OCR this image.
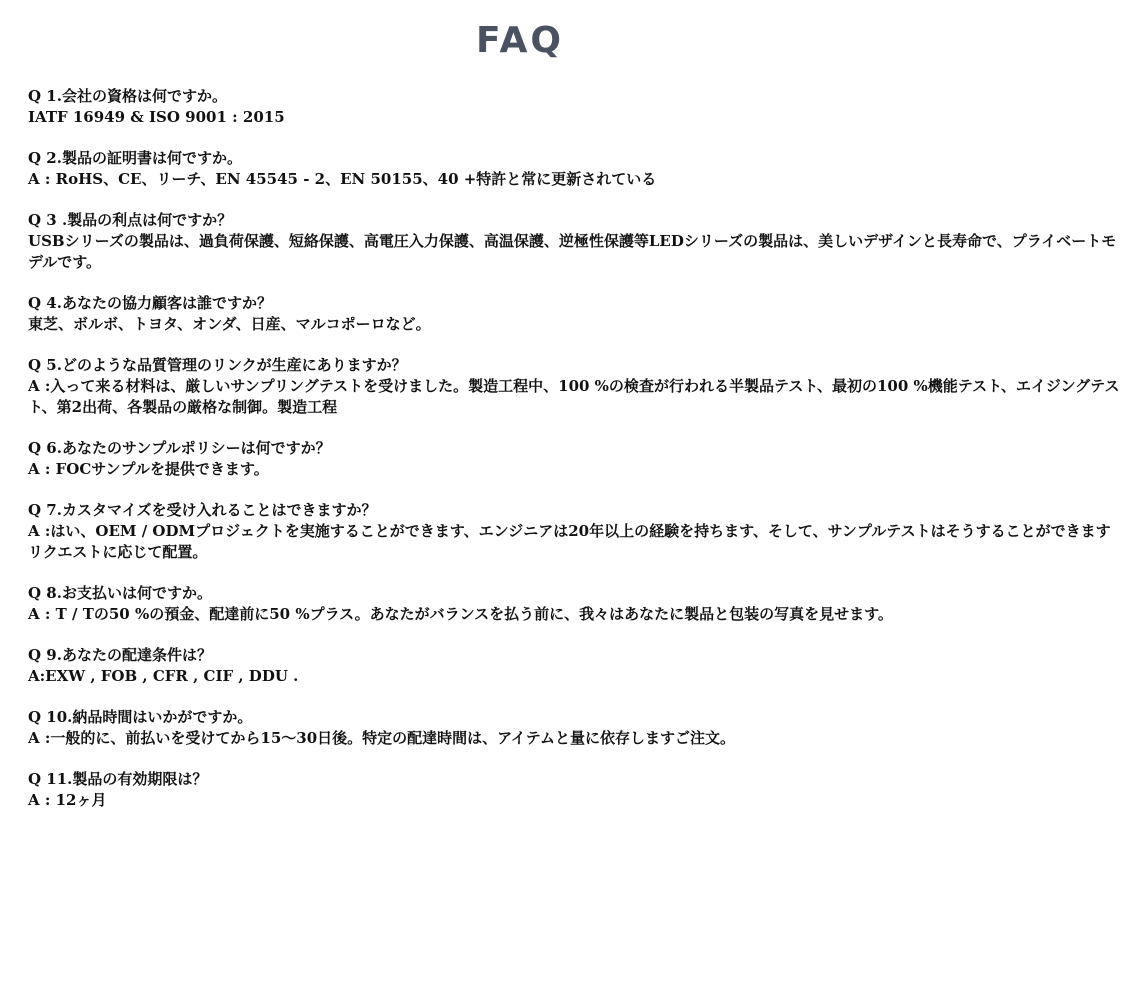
FAQ

Q 1.会社の資格は何ですか。

IATF 16949 & ISO 9001 : 2015

Q 2.製品の証明書は何ですか。

A : RoHS、CE、リーチ、EN 45545 - 2、EN 50155、40 +特許と常に更新されている

Q 3 .製品の利点は何ですか？

USBシリーズの製品は、過負荷保護、短絡保護、高電圧入力保護、高温保護、逆極性保護等LEDシリーズの製品は、美しいデザインと長寿命で、プライベートモデルです。

Q 4.あなたの協力顧客は誰ですか？

東芝、ボルボ、トヨタ、オンダ、日産、マルコポーロなど。

Q 5.どのような品質管理のリンクが生産にありますか？

A :入って来る材料は、厳しいサンプリングテストを受けました。製造工程中、100 %の検査が行われる半製品テスト、最初の100 %機能テスト、エイジングテスト、第2出荷、各製品の厳格な制御。製造工程

Q 6.あなたのサンプルポリシーは何ですか？

A : FOCサンプルを提供できます。

Q 7.カスタマイズを受け入れることはできますか？

A :はい、OEM / ODMプロジェクトを実施することができます、エンジニアは20年以上の経験を持ちます、そして、サンプルテストはそうすることができますリクエストに応じて配置。

Q 8.お支払いは何ですか。

A : T / Tの50 %の預金、配達前に50 %プラス。あなたがバランスを払う前に、我々はあなたに製品と包装の写真を見せます。

Q 9.あなたの配達条件は？

A:EXW , FOB , CFR , CIF , DDU .

Q 10.納品時間はいかがですか。

A :一般的に、前払いを受けてから15～30日後。特定の配達時間は、アイテムと量に依存しますご注文。

Q 11.製品の有効期限は？

A : 12ヶ月
